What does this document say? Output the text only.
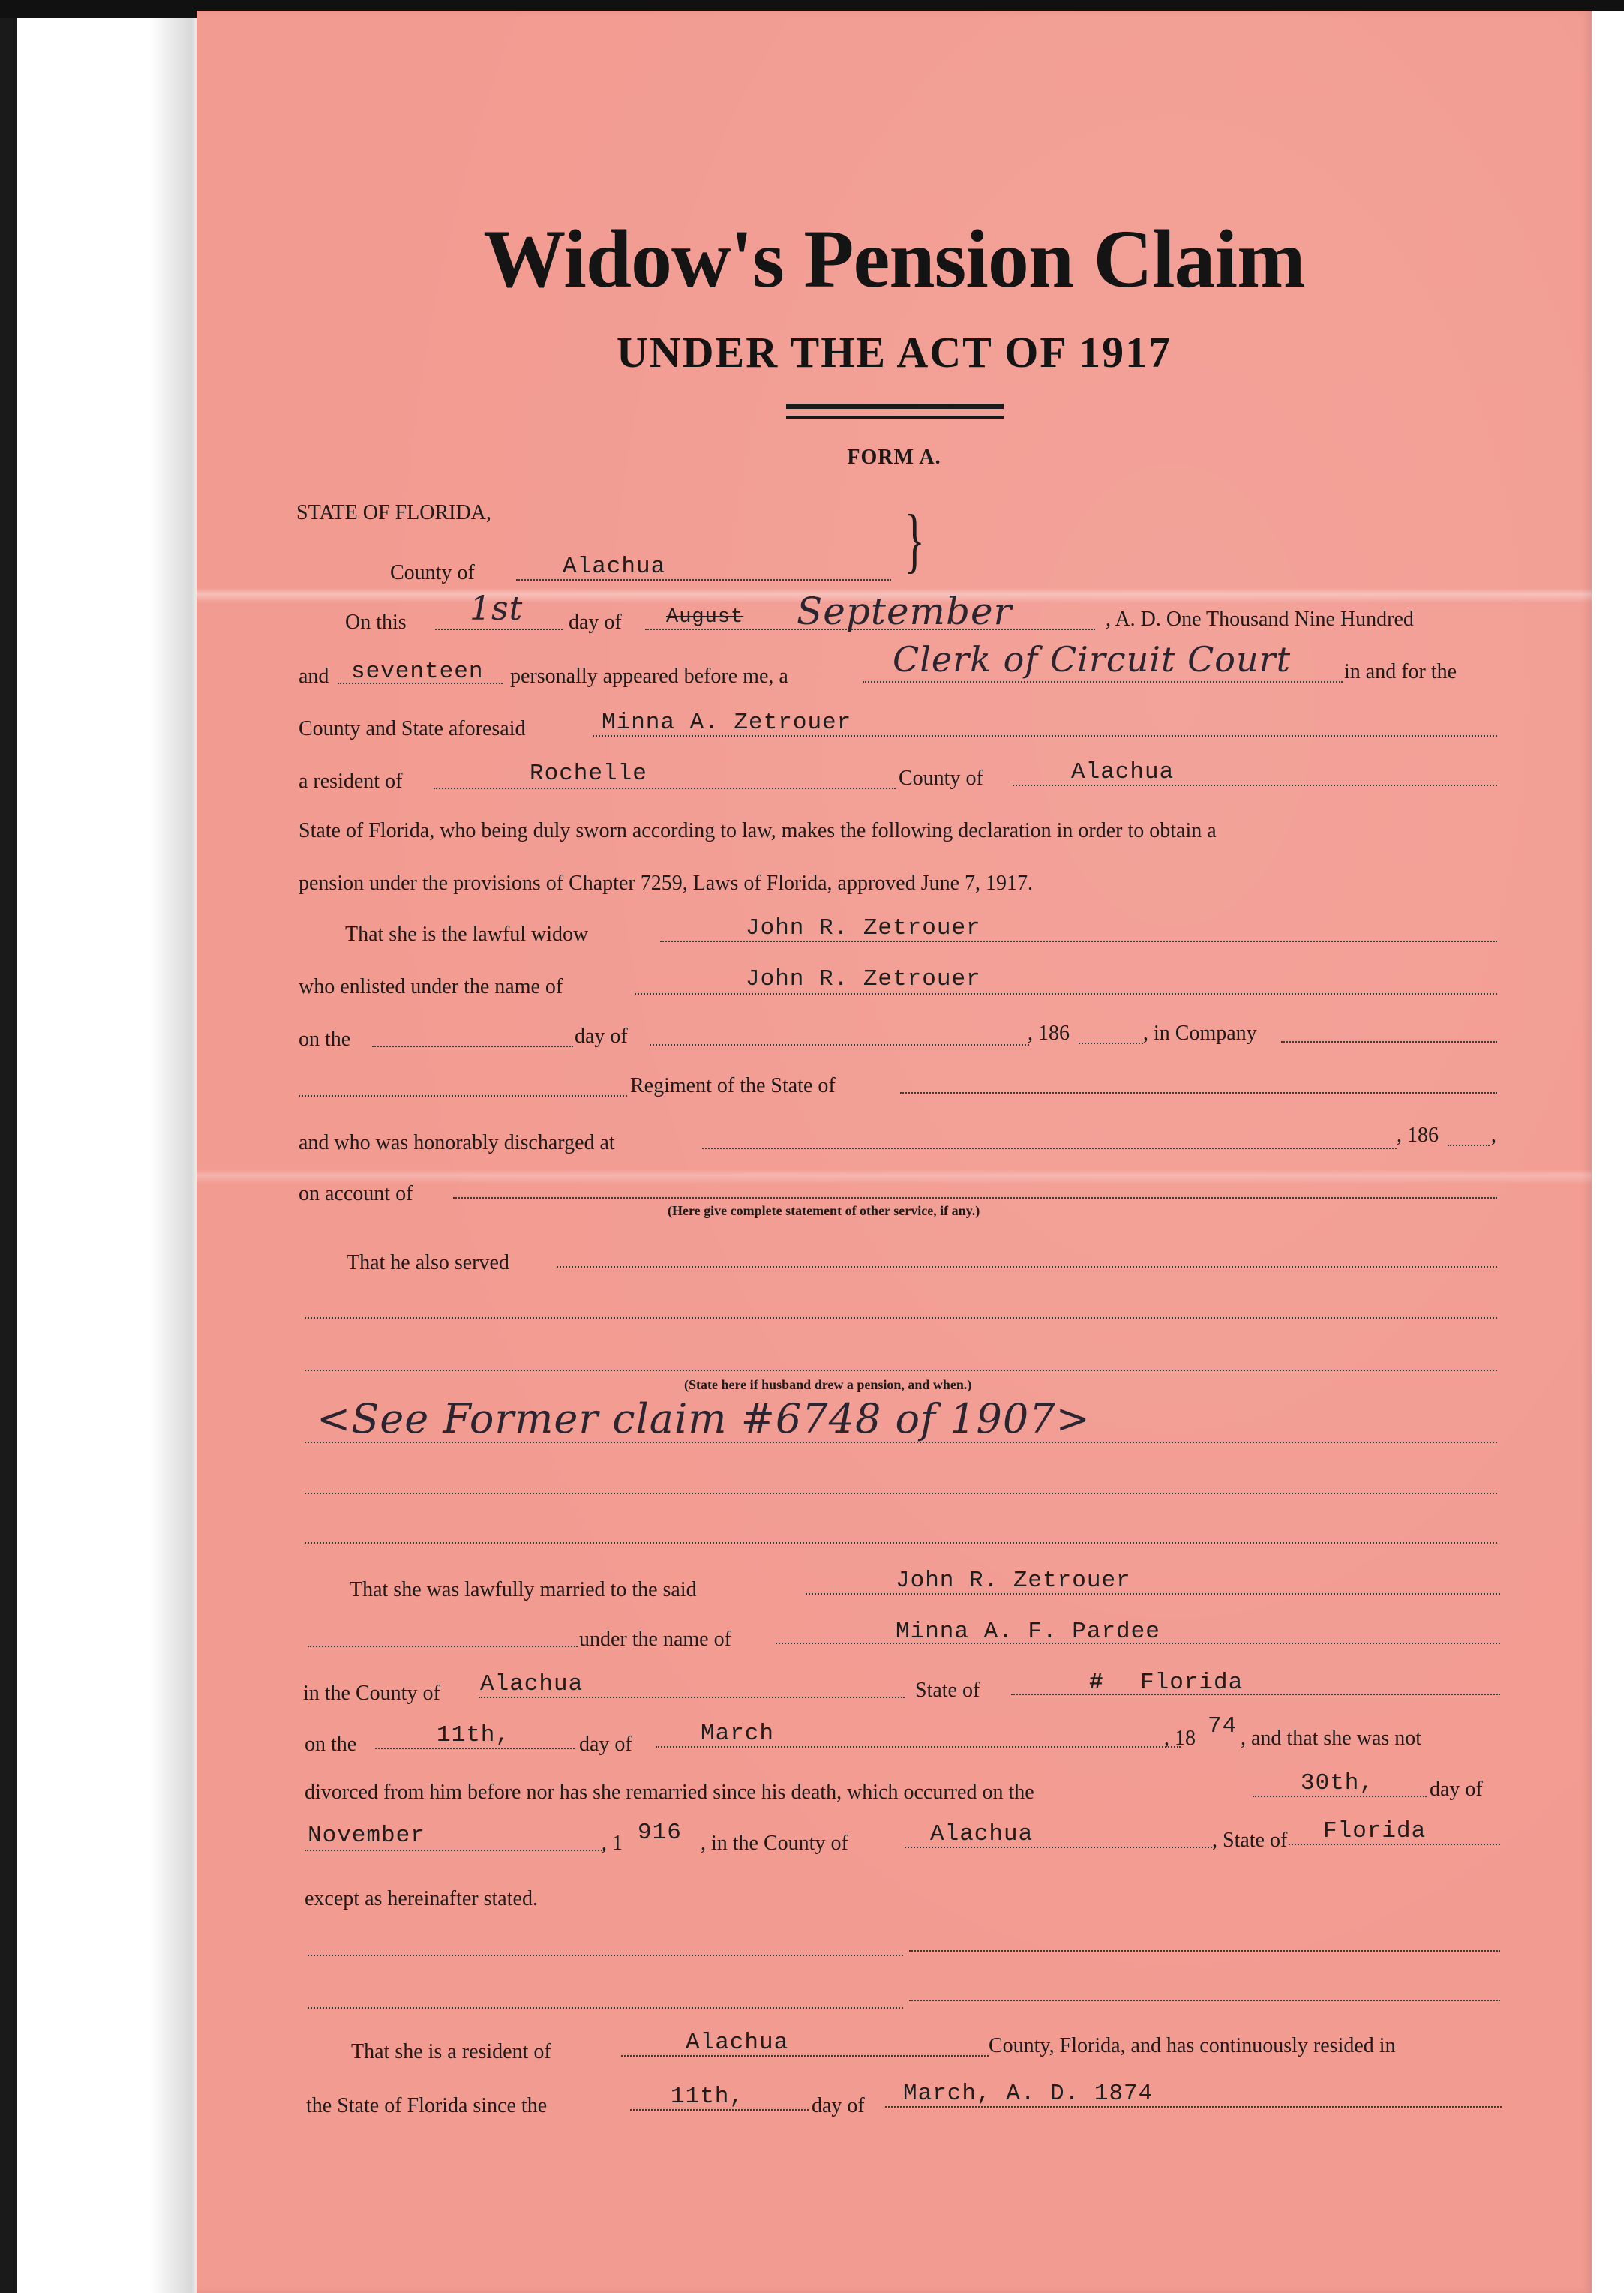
Widow's Pension Claim
UNDER THE ACT OF 1917
FORM A.
STATE OF FLORIDA,
County of	Alachua	}
On this 1st day of August September	, A. D. One Thousand Nine Hundred
and seventeen personally appeared before me, a	Clerk of Circuit Court	in and for the
County and State aforesaid	Minna A. Zetrouer
a resident of	Rochelle	County of	Alachua
State of Florida, who being duly sworn according to law, makes the following declaration in order to obtain a
pension under the provisions of Chapter 7259, Laws of Florida, approved June 7, 1917.
That she is the lawful widow	John R. Zetrouer
who enlisted under the name of	John R. Zetrouer
on the	day of	, 186	, in Company
Regiment of the State of
and who was honorably discharged at	, 186	,
on account of
(Here give complete statement of other service, if any.)
That he also served
(State here if husband drew a pension, and when.)
<See Former claim #6748 of 1907>
That she was lawfully married to the said	John R. Zetrouer
under the name of	Minna A. F. Pardee
in the County of Alachua	State of	# Florida
on the	11th,	day of	March	, 18 74 , and that she was not
divorced from him before nor has she remarried since his death, which occurred on the	30th,	day of
November	, 1 916 , in the County of	Alachua	, State of Florida
except as hereinafter stated.
That she is a resident of	Alachua	County, Florida, and has continuously resided in
the State of Florida since the	11th,	day of March, A. D. 1874
